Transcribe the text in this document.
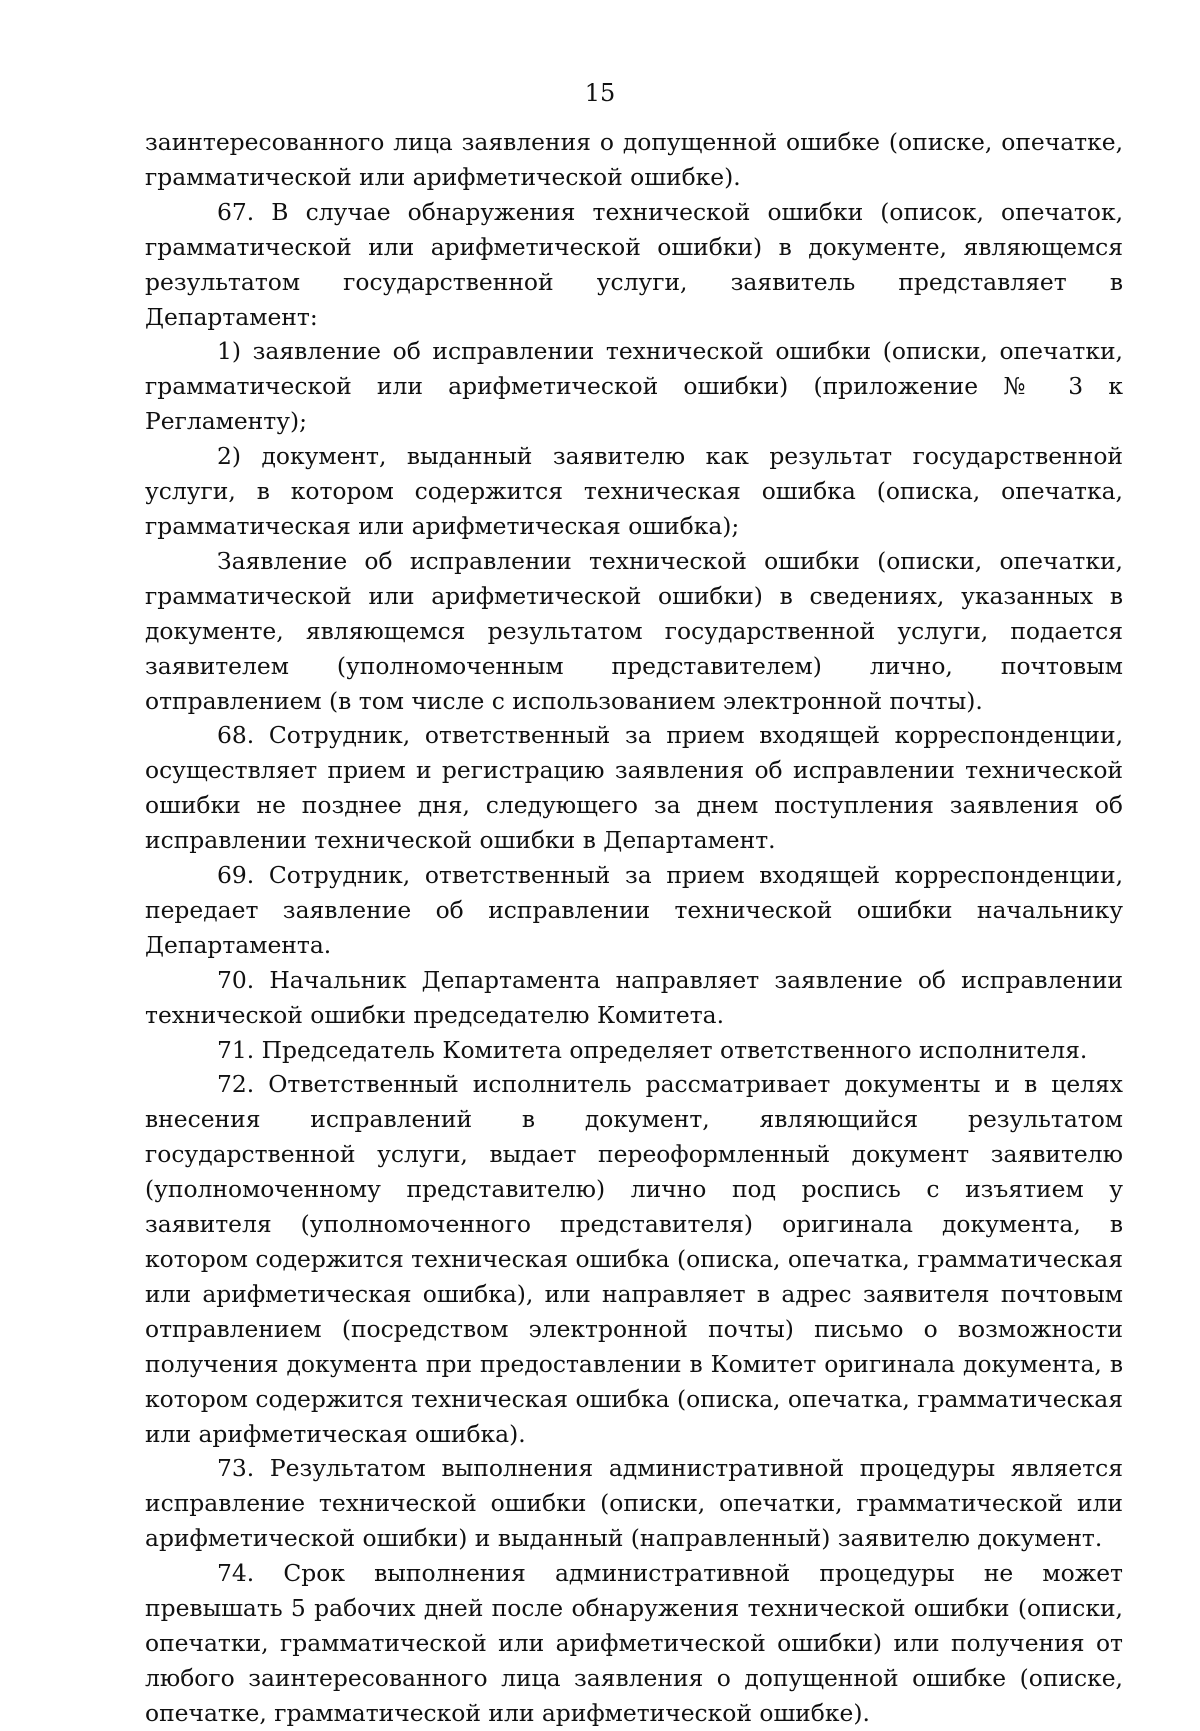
15

заинтересованного лица заявления о допущенной ошибке (описке, опечатке, грамматической или арифметической ошибке).

67. В случае обнаружения технической ошибки (описок, опечаток, грамматической или арифметической ошибки) в документе, являющемся результатом государственной услуги, заявитель представляет в Департамент:

1) заявление об исправлении технической ошибки (описки, опечатки, грамматической или арифметической ошибки) (приложение № 3 к Регламенту);

2) документ, выданный заявителю как результат государственной услуги, в котором содержится техническая ошибка (описка, опечатка, грамматическая или арифметическая ошибка);

Заявление об исправлении технической ошибки (описки, опечатки, грамматической или арифметической ошибки) в сведениях, указанных в документе, являющемся результатом государственной услуги, подается заявителем (уполномоченным представителем) лично, почтовым отправлением (в том числе с использованием электронной почты).

68. Сотрудник, ответственный за прием входящей корреспонденции, осуществляет прием и регистрацию заявления об исправлении технической ошибки не позднее дня, следующего за днем поступления заявления об исправлении технической ошибки в Департамент.

69. Сотрудник, ответственный за прием входящей корреспонденции, передает заявление об исправлении технической ошибки начальнику Департамента.

70. Начальник Департамента направляет заявление об исправлении технической ошибки председателю Комитета.

71. Председатель Комитета определяет ответственного исполнителя.

72. Ответственный исполнитель рассматривает документы и в целях внесения исправлений в документ, являющийся результатом государственной услуги, выдает переоформленный документ заявителю (уполномоченному представителю) лично под роспись с изъятием у заявителя (уполномоченного представителя) оригинала документа, в котором содержится техническая ошибка (описка, опечатка, грамматическая или арифметическая ошибка), или направляет в адрес заявителя почтовым отправлением (посредством электронной почты) письмо о возможности получения документа при предоставлении в Комитет оригинала документа, в котором содержится техническая ошибка (описка, опечатка, грамматическая или арифметическая ошибка).

73. Результатом выполнения административной процедуры является исправление технической ошибки (описки, опечатки, грамматической или арифметической ошибки) и выданный (направленный) заявителю документ.

74. Срок выполнения административной процедуры не может превышать 5 рабочих дней после обнаружения технической ошибки (описки, опечатки, грамматической или арифметической ошибки) или получения от любого заинтересованного лица заявления о допущенной ошибке (описке, опечатке, грамматической или арифметической ошибке).
